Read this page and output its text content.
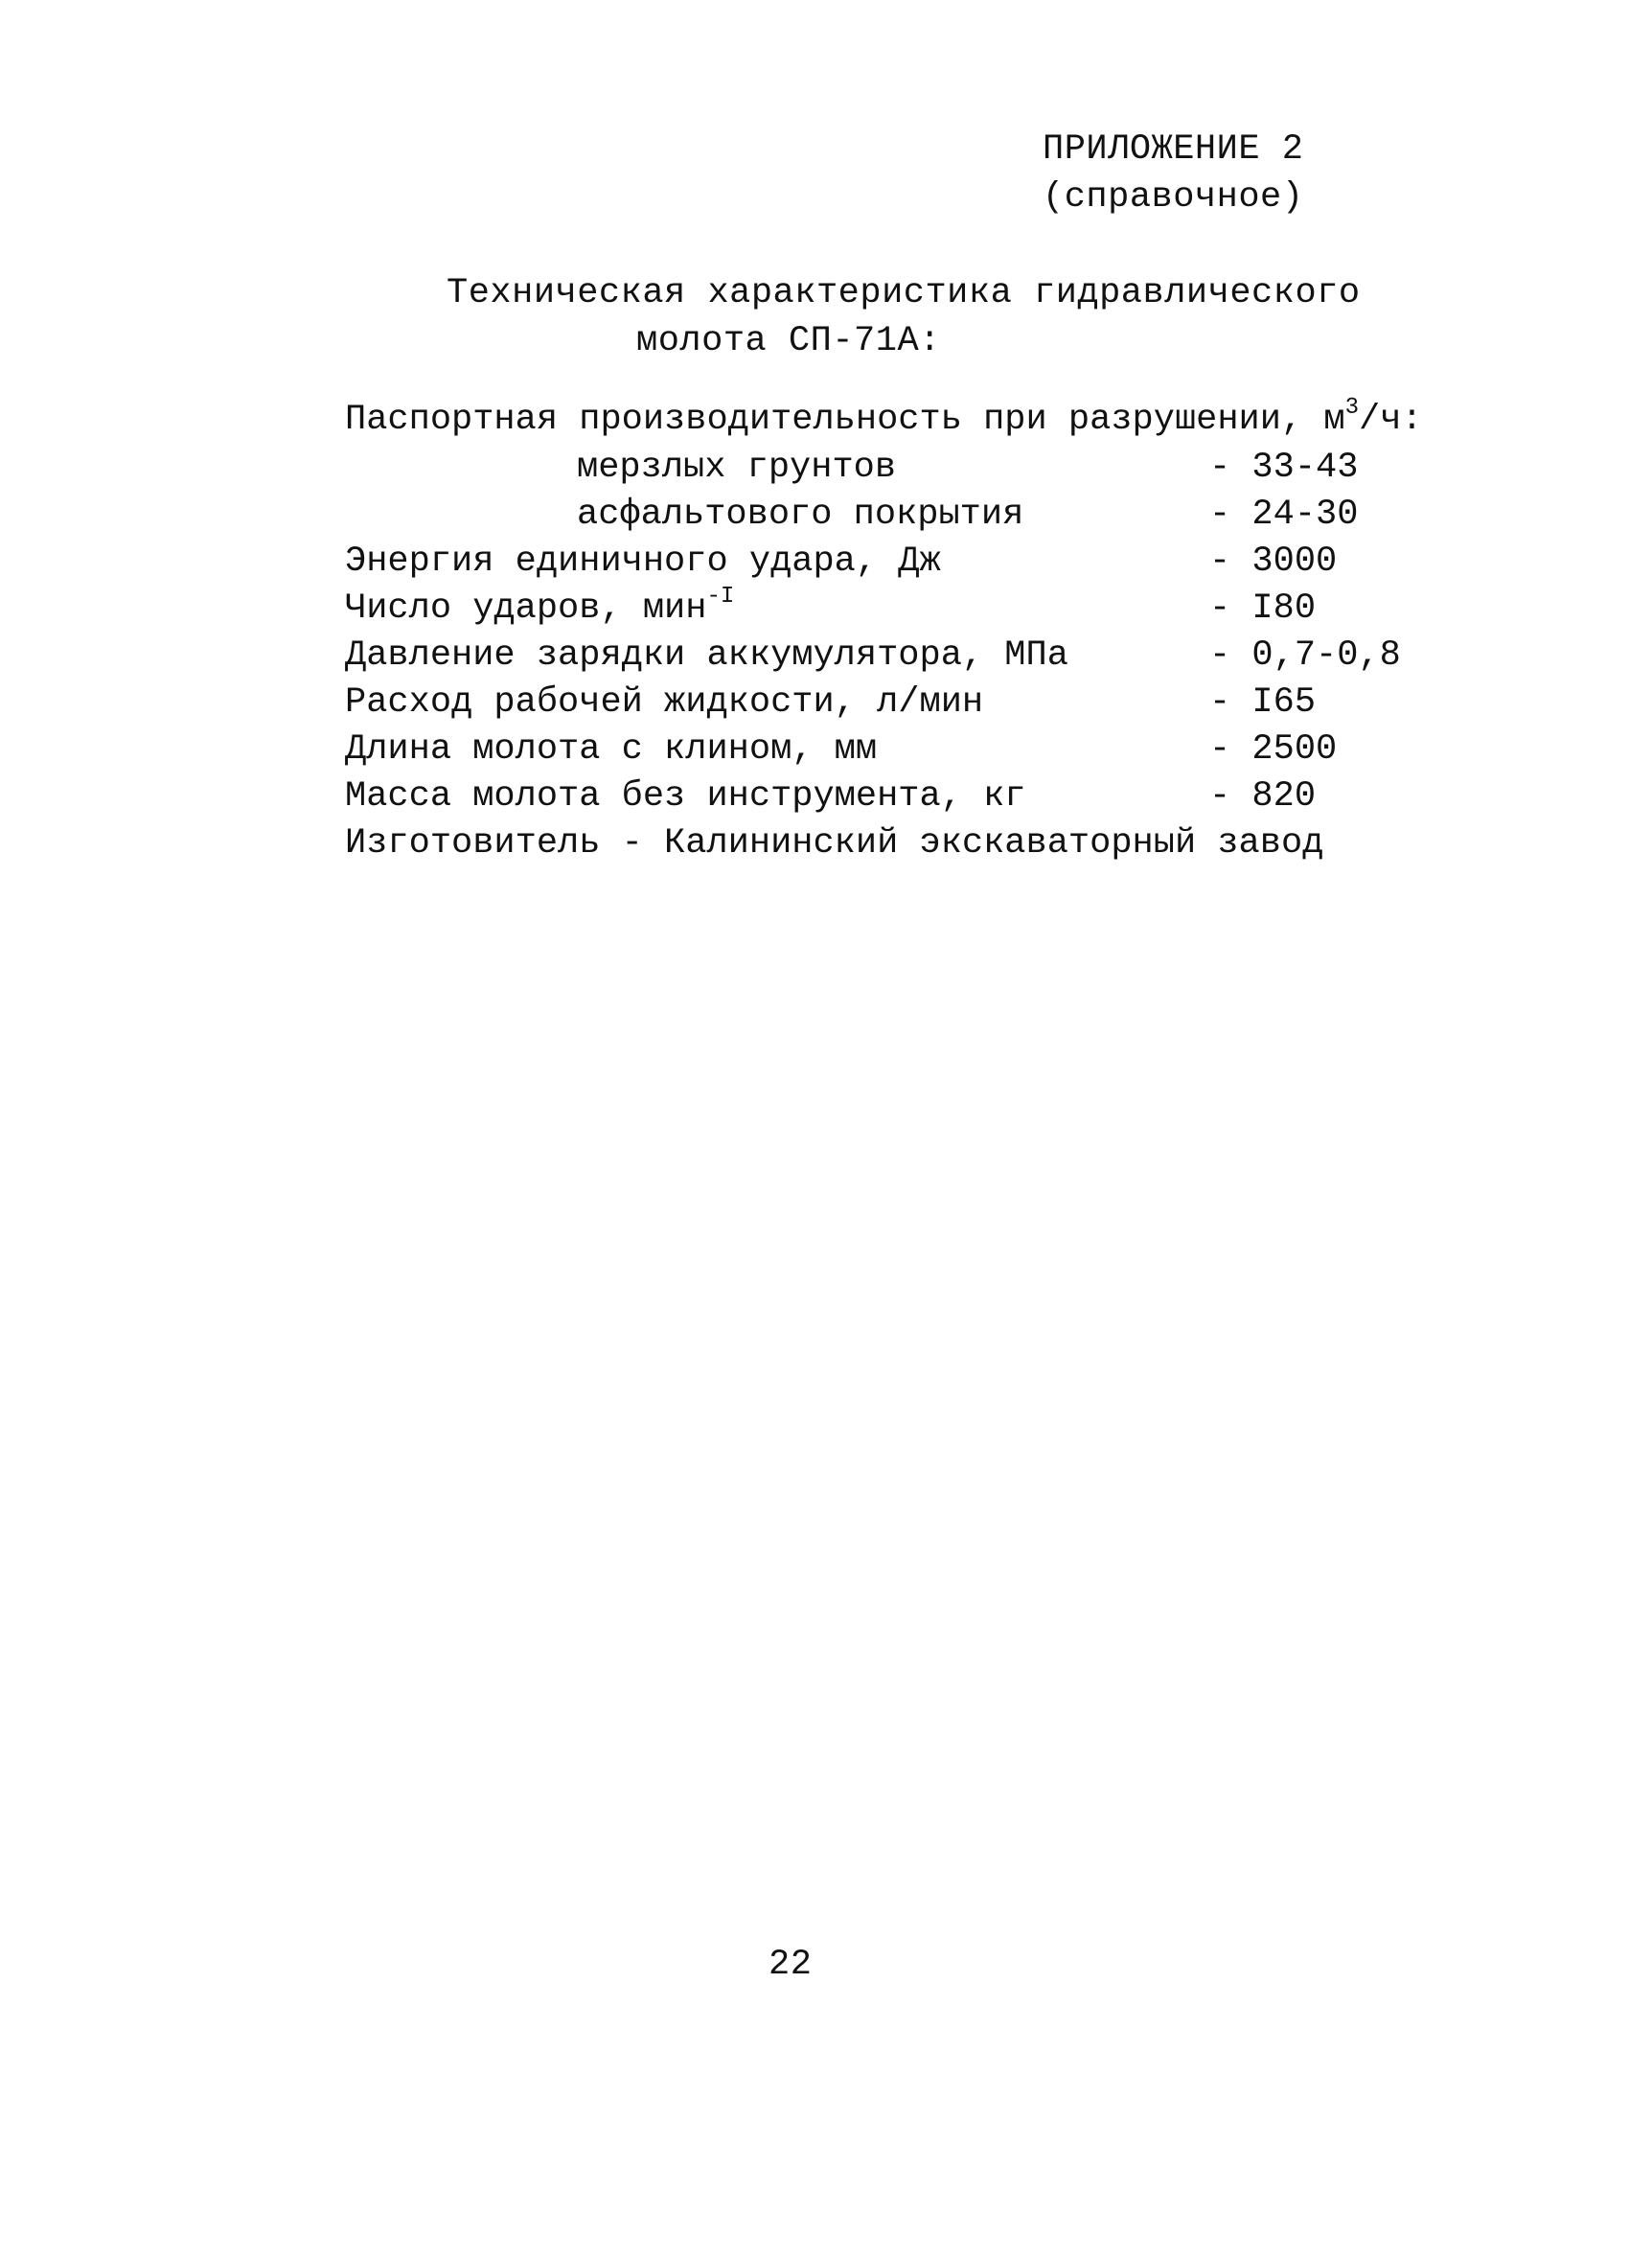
ПРИЛОЖЕНИЕ 2
(справочное)
Техническая характеристика гидравлического
молота СП-71А:
Паспортная производительность при разрушении, $м^3/ч$:
мерзлых грунтов	- 33-43
асфальтового покрытия	- 24-30
Энергия единичного удара, Дж	- 3000
Число ударов, мин$^{-I}$	- I80
Давление зарядки аккумулятора, МПа	- 0,7-0,8
Расход рабочей жидкости, л/мин	- I65
Длина молота с клином, мм	- 2500
Масса молота без инструмента, кг	- 820
Изготовитель - Калининский экскаваторный завод
22
